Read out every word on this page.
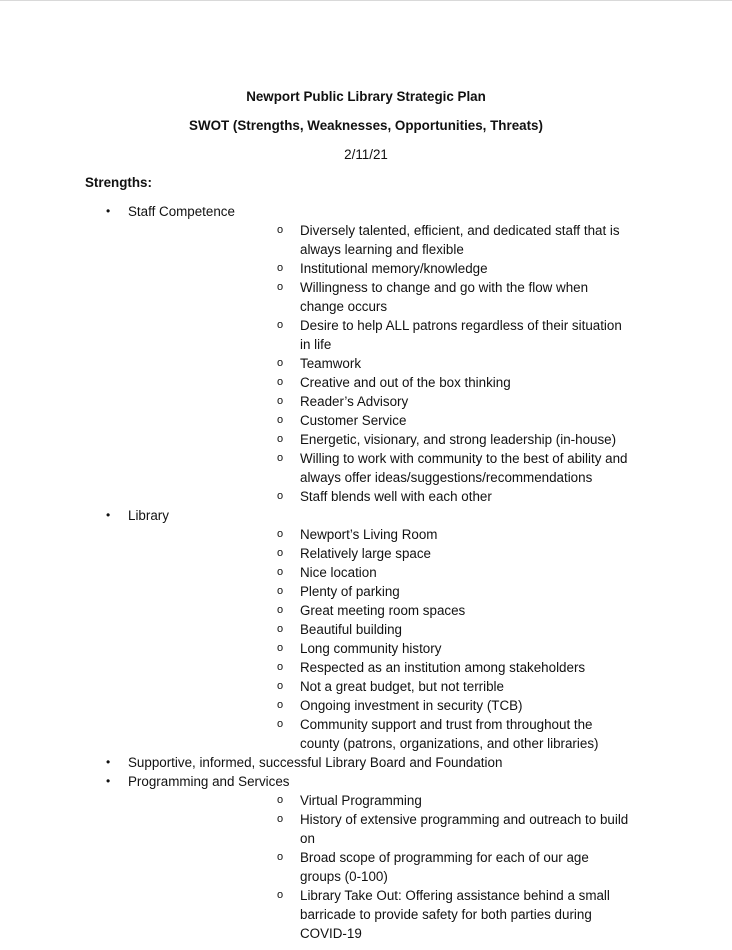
Newport Public Library Strategic Plan
SWOT (Strengths, Weaknesses, Opportunities, Threats)
2/11/21
Strengths:
• Staff Competence
o Diversely talented, efficient, and dedicated staff that is always learning and flexible
o Institutional memory/knowledge
o Willingness to change and go with the flow when change occurs
o Desire to help ALL patrons regardless of their situation in life
o Teamwork
o Creative and out of the box thinking
o Reader’s Advisory
o Customer Service
o Energetic, visionary, and strong leadership (in-house)
o Willing to work with community to the best of ability and always offer ideas/suggestions/recommendations
o Staff blends well with each other
• Library
o Newport’s Living Room
o Relatively large space
o Nice location
o Plenty of parking
o Great meeting room spaces
o Beautiful building
o Long community history
o Respected as an institution among stakeholders
o Not a great budget, but not terrible
o Ongoing investment in security (TCB)
o Community support and trust from throughout the county (patrons, organizations, and other libraries)
• Supportive, informed, successful Library Board and Foundation
• Programming and Services
o Virtual Programming
o History of extensive programming and outreach to build on
o Broad scope of programming for each of our age groups (0-100)
o Library Take Out: Offering assistance behind a small barricade to provide safety for both parties during COVID-19
